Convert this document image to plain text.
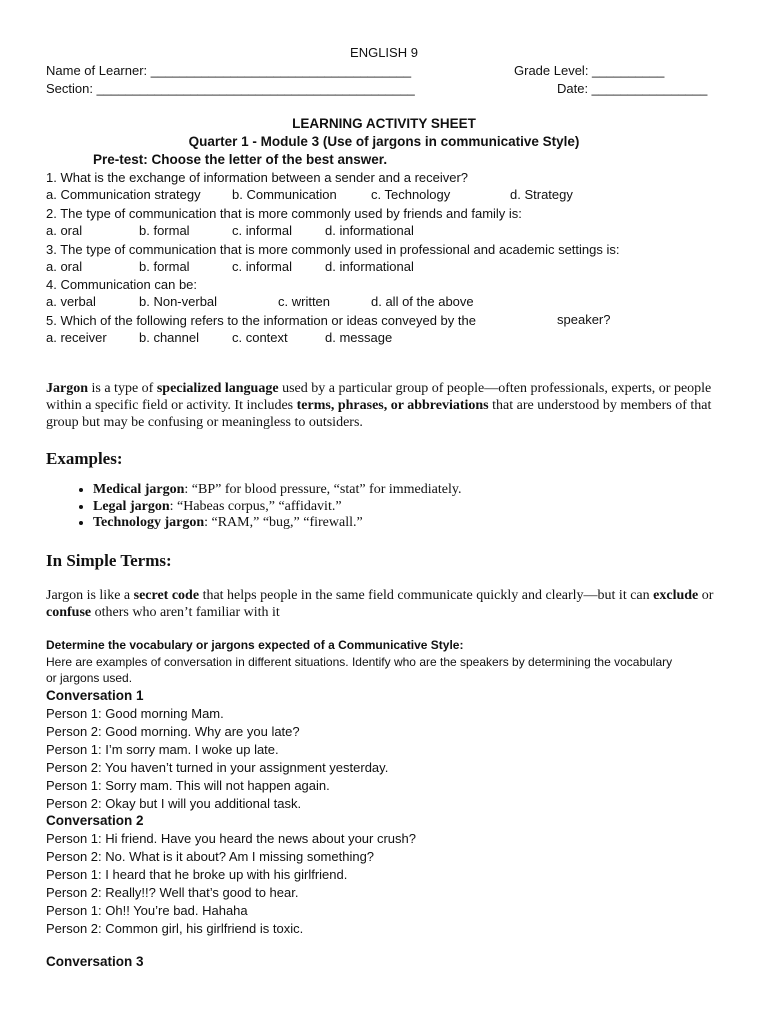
ENGLISH 9
Name of Learner: ____________________________________	Grade Level: __________
Section: ____________________________________________	Date: ________________
LEARNING ACTIVITY SHEET
Quarter 1 - Module 3 (Use of jargons in communicative Style)
Pre-test: Choose the letter of the best answer.
1. What is the exchange of information between a sender and a receiver?
a. Communication strategy b. Communication	c. Technology	d. Strategy
2. The type of communication that is more commonly used by friends and family is:
a. oral	b. formal	c. informal	d. informational
3. The type of communication that is more commonly used in professional and academic settings is:
a. oral	b. formal	c. informal	d. informational
4. Communication can be:
a. verbal	b. Non-verbal	c. written	d. all of the above
5. Which of the following refers to the information or ideas conveyed by the	speaker?
a. receiver b. channel	c. context	d. message
Jargon is a type of specialized language used by a particular group of people—often professionals, experts, or people within a specific field or activity. It includes terms, phrases, or abbreviations that are understood by members of that group but may be confusing or meaningless to outsiders.
Examples:
• Medical jargon: “BP” for blood pressure, “stat” for immediately.
• Legal jargon: “Habeas corpus,” “affidavit.”
• Technology jargon: “RAM,” “bug,” “firewall.”
In Simple Terms:
Jargon is like a secret code that helps people in the same field communicate quickly and clearly—but it can exclude or confuse others who aren’t familiar with it
Determine the vocabulary or jargons expected of a Communicative Style:
Here are examples of conversation in different situations. Identify who are the speakers by determining the vocabulary or jargons used.
Conversation 1
Person 1: Good morning Mam.
Person 2: Good morning. Why are you late?
Person 1: I’m sorry mam. I woke up late.
Person 2: You haven’t turned in your assignment yesterday.
Person 1: Sorry mam. This will not happen again.
Person 2: Okay but I will you additional task.
Conversation 2
Person 1: Hi friend. Have you heard the news about your crush?
Person 2: No. What is it about? Am I missing something?
Person 1: I heard that he broke up with his girlfriend.
Person 2: Really!!? Well that’s good to hear.
Person 1: Oh!! You’re bad. Hahaha
Person 2: Common girl, his girlfriend is toxic.
Conversation 3
